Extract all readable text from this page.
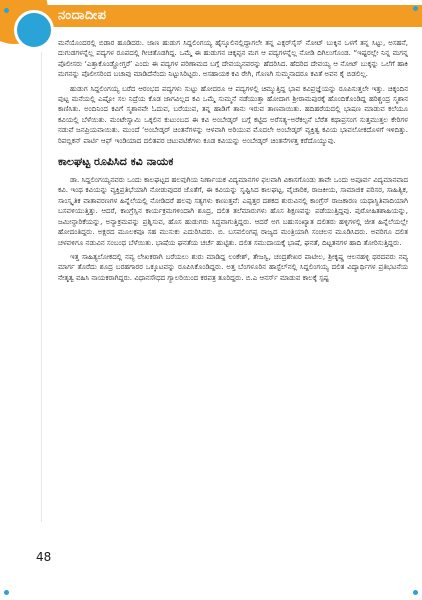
ನಂದಾದೀಪ

ಮನೆಯೊಂದರಲ್ಲಿ ಬಿಡಾರ ಹೂಡಿದರು. ಜಾಣ ಹುಡುಗ ಸಿದ್ದಲಿಂಗಯ್ಯ ಹೈಸ್ಕೂಲಿನಲ್ಲಿದ್ದಾಗಲೇ ತನ್ನ ಎಕ್ಸರ್‌ಸೈಸ್ ನೋಟ್ ಬುಕ್ಕಿನ ಒಳಗೆ ತನ್ನ ಸಿಟ್ಟು, ಅಸಹನೆ, ದುಗುಡಗಳನ್ನೆಲ್ಲ ಪದ್ಯಗಳ ರೂಪದಲ್ಲಿ ಗೀಚತೊಡಗಿದ್ದ. ಒಮ್ಮೆ ಈ ಹುಡುಗನ ಚಿಕ್ಕಪ್ಪನ ಮಗ ಆ ಪದ್ಯಗಳನ್ನೆಲ್ಲ ನೋಡಿ ದಿಗಿಲುಗೊಂಡ. “ಇಷ್ಟರಲ್ಲೇ ನಿನ್ನ ಮಗನ್ನ ಪೊಲೀಸರು ‘ಎತ್ತಾಕೊಂಡ್ಹೋಗ್ತರೆ’ ಎಂದು ಈ ಪದ್ಯಗಳ ಪರಿಣಾಮದ ಬಗ್ಗೆ ದೇವಯ್ಯನವರನ್ನು ಹೆದರಿಸಿದ. ಹೆದರಿದ ದೇವಯ್ಯ ಆ ನೋಟ್ ಬುಕ್ಕನ್ನು ಒಲೆಗೆ ಹಾಕಿ ಮಗನನ್ನು ಪೊಲೀಸರಿಂದ ಬಚಾವು ಮಾಡಿದೆನೆಂದು ನಿಟ್ಟುಸಿರಿಟ್ಟರು. ಅಸಹಾಯಕ ಕವಿ ರೇಗಿ, ಗೊಣಗಿ ಸುಮ್ಮನಾದರೂ ಕವಿತೆ ಅವನ ಕೈ ಬಿಡಲಿಲ್ಲ.

ಹುಡುಗ ಸಿದ್ದಲಿಂಗಯ್ಯ ಬರೆದ ಆರಂಭದ ಪದ್ಯಗಳು ಸುಟ್ಟು ಹೋದರೂ ಆ ಪದ್ಯಗಳಲ್ಲಿ ಚಿಮ್ಮುತ್ತಿದ್ದ ಭಾವ ಕವಿಪ್ರಜ್ಞೆಯನ್ನು ರೂಪಿಸುತ್ತಲೇ ಇತ್ತು. ಚಿಕ್ಕಂದಿನ ಪುಟ್ಟ ಮನೆಯಲ್ಲಿ ಎಷ್ಟೋ ಸಲ ನಿದ್ರೆಯ ಕೊಡ ಜಾಗವಿಲ್ಲದ ಕವಿ ಒಮ್ಮೆ ಸುಮ್ಮನೆ ನಡೆಯುತ್ತಾ ಹೋದಾಗ ಶ್ರೀರಾಮಪುರಕ್ಕೆ ಹೊಂದಿಕೊಂಡಿದ್ದ ಹರಿಶ್ಚಂದ್ರ ಸ್ಮಶಾನ ಕಾಣಿಸಿತು. ಅಂದಿನಿಂದ ಕವಿಗೆ ಸ್ಮಶಾನವೇ ಓದುವ, ಬರೆಯುವ, ತನ್ನ ಹಾಡಿಗೆ ತಾನು ಇರುವ ತಾಣವಾಯಿತು. ಹದಿಹರೆಯದಲ್ಲಿ ಭಾಷಣ ಮಾಡುವ ಕಲೆಯೂ ಕವಿಯಲ್ಲಿ ಬೆಳೆಯಿತು. ಮಂಟೇಸ್ವಾಮಿ ಒಕ್ಕಲಿನ ಕುಟುಂಬದ ಈ ಕವಿ ಅಂಬೇಡ್ಕರ್ ಬಗ್ಗೆ ಕಟ್ಟಿದ ಅರೆಸತ್ಯ–ಅರೆಕಲ್ಪನೆ ಬೆರೆತ ಕಥಾಪ್ರಸಂಗ ಸುತ್ತಮುತ್ತಲ ಕೇರಿಗಳ ನಡುವೆ ಜನಪ್ರಿಯವಾಯಿತು. ಮುಂದೆ ‘ಅಂಬೇಡ್ಕರ್ ಚಿಂತನೆಗಳನ್ನು ಆಳವಾಗಿ ಅರಿಯುವ ಮೊದಲೇ ಅಂಬೇಡ್ಕರ್ ವ್ಯಕ್ತಿತ್ವ ಕವಿಯ ಭಾವಲೋಕದೊಳಗೆ ಇಳಿದಿತ್ತು. ರಿಪಬ್ಲಿಕನ್ ಪಾರ್ಟಿ ಆಫ್ ಇಂಡಿಯಾದ ದಲಿತಪರ ಚಟುವಟಿಕೆಗಳು ಕೂಡ ಕವಿಯನ್ನು ಅಂಬೇಡ್ಕರ್ ಚಿಂತನೆಗಳತ್ತ ಕರೆದೊಯ್ಯುವು.

ಕಾಲಘಟ್ಟ ರೂಪಿಸಿದ ಕವಿ ನಾಯಕ

ಡಾ. ಸಿದ್ದಲಿಂಗಯ್ಯನವರು ಒಂದು ಕಾಲಘಟ್ಟದ ಹಲವುಗಿಯ ನಿರ್ಣಾಯಕ ವಿದ್ಯಮಾನಗಳ ಫಲವಾಗಿ ವಿಕಾಸಗೊಂಡು ತಾವೇ ಒಂದು ಅಪೂರ್ವ ವಿದ್ಯಮಾನವಾದ ಕವಿ. ಇಂಥ ಕವಿಯನ್ನು ವ್ಯಕ್ತಿಪ್ರತಿಭೆಯಾಗಿ ನೋಡುವುದರ ಜೊತೆಗೆ, ಈ ಕವಿಯನ್ನು ಸೃಷ್ಟಿಸಿದ ಕಾಲಘಟ್ಟ, ವೈಚಾರಿಕ, ರಾಜಕೀಯ, ಸಾಮಾಜಿಕ ಪರಿಸರ, ಸಾಹಿತ್ಯಿಕ, ಸಾಂಸ್ಕೃತಿಕ ವಾತಾವರಣಗಳ ಹಿನ್ನೆಲೆಯಲ್ಲಿ ನೋಡಿದರೆ ಹಲವು ಸತ್ಯಗಳು ಕಾಣುತ್ತವೆ: ಎಪ್ಪತ್ತರ ದಶಕದ ಶುರುವಿನಲ್ಲಿ ಕಾಂಗ್ರೆಸ್ ರಾಜಕಾರಣ ಯಥಾಸ್ಥಿತಿವಾದಿಯಾಗಿ ಬಸವಳಿಯುತ್ತಿತ್ತು. ಆದರೆ, ಕಾಂಗ್ರೆಸ್ಸಿನ ಕಾರ್ಯಕ್ರಮಗಳಿಂದಾಗಿ ಶೂದ್ರ, ದಲಿತ ತಲೆಮಾರುಗಳು ಹೊಸ ಶಿಕ್ಷಣವನ್ನು ಪಡೆಯುತ್ತಿದ್ದವು. ಪುರೋಹಿತಶಾಹಿಯನ್ನು, ಜಮೀನ್ದಾರಿಕೆಯನ್ನು, ಅನ್ಯಾಕ್ರಮವನ್ನು ಪ್ರಶ್ನಿಸುವ, ಹೊಸ ಹುಡುಗರು ಸಿದ್ಧವಾಗುತ್ತಿದ್ದರು. ಆದರೆ ಅಗ ಬಹುಸಂಖ್ಯಾತ ದಲಿತರು ಹಳ್ಳಿಗಳಲ್ಲಿ ಜೀತ ಹಿನ್ನೆಲೆಯಲ್ಲೇ ಹೋದಂತಿದ್ದರು. ಅಕ್ಷರದ ಮೂಲಕವೂ ಸಹ ಮುಸುಕು ಎದುರಿಸಿದರು. ಬಿ. ಬಸವಲಿಂಗಪ್ಪ ರಾಜ್ಯದ ಮಂತ್ರಿಯಾಗಿ ಸಂಚಲನ ಮೂಡಿಸಿದರು. ಅವರಿಗೂ ದಲಿತ ಚಳವಳಿಗೂ ನಡುವಿನ ಸಂಬಂಧ ಬೆಳೆಯಿತು. ಭಾಷೆಯ ಘನತೆಯ ಚರ್ಚೆ ಹುಟ್ಟಿತು. ದಲಿತ ಸಮುದಾಯಕ್ಕೆ ಭಾಷೆ, ಘನತೆ, ದಿಟ್ಟತನಗಳ ಹಾದಿ ತೋರಿಸುತ್ತಿದ್ದರು.

ಇತ್ತ ಸಾಹಿತ್ಯಲೋಕದಲ್ಲಿ ನವ್ಯ ಲೇಖಕರಾಗಿ ಬರೆಯಲು ಶುರು ಮಾಡಿದ್ದ ಲಂಕೇಶ್, ತೇಜಸ್ವಿ, ಚಂದ್ರಶೇಖರ ಪಾಟೀಲ, ಶ್ರೀಕೃಷ್ಣ ಆಲನಹಳ್ಳಿ ಥರದವರು ನವ್ಯ ಮಾರ್ಗ ತೊರೆದು ಶೂದ್ರ ಬರಹಗಾರರ ಒಕ್ಕೂಟವನ್ನು ರೂಪಿಸಿಕೊಂಡಿದ್ದರು. ಅತ್ತ ಬೆಂಗಳೂರಿನ ಹಾಸ್ಟೆಲ್‌ನಲ್ಲಿ ಸಿದ್ದಲಿಂಗಯ್ಯ ದಲಿತ ವಿದ್ಯಾರ್ಥಿಗಳ ಪ್ರತಿಭಟನೆಯ ನೇತೃತ್ವ ವಹಿಸಿ ನಾಯಕರಾಗಿದ್ದರು. ವಿಧಾನಸೌಧದ ಗ್ಯಾಲರಿಯಿಂದ ಕರಪತ್ರ ತೂರಿದ್ದರು. ಬಿ.ಎ ಆನರ್ಸ್ ಮಾಡುವ ಕಾಲಕ್ಕೆ ಸ್ಪಷ್ಟ

48
